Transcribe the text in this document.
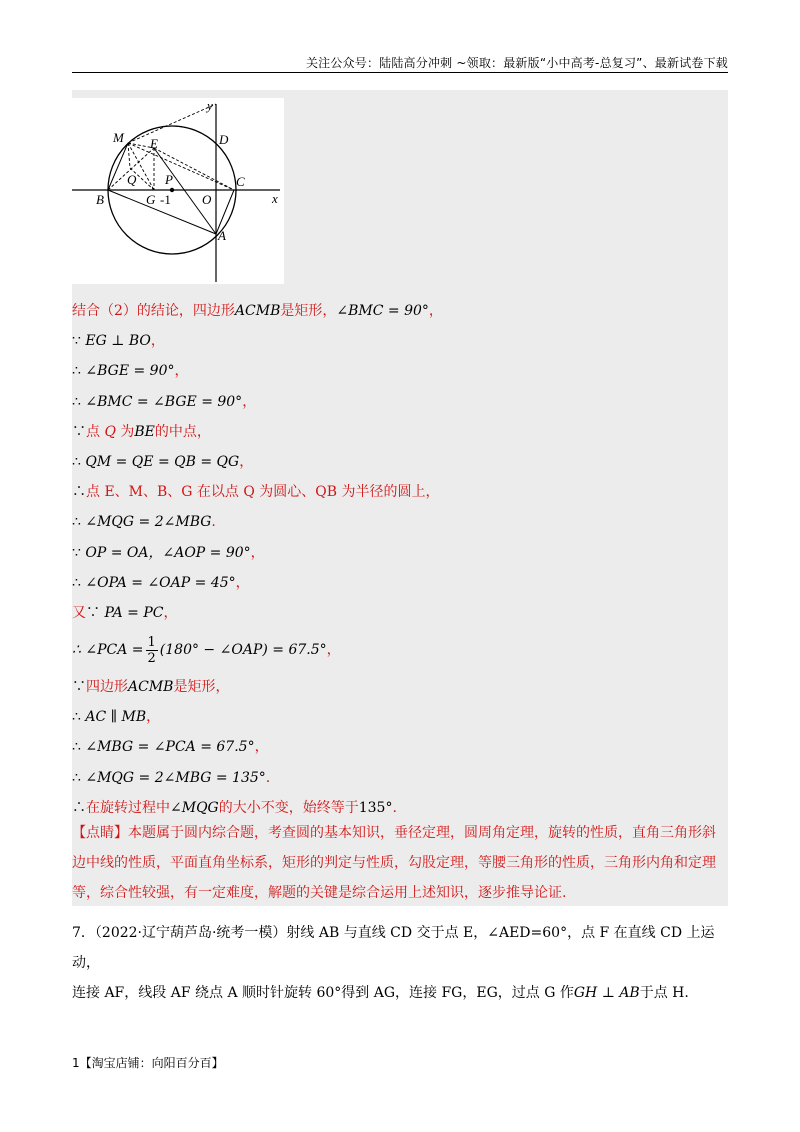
关注公众号：陆陆高分冲刺 ~领取：最新版“小中高考-总复习”、最新试卷下载
y
x
M E	D
Q P	C
B	G -1 O
A
结合（2）的结论，四边形ACMB是矩形，∠BMC = 90°，
∵ EG ⊥ BO，
∴ ∠BGE = 90°，
∴ ∠BMC = ∠BGE = 90°，
∵点 Q 为BE的中点，
∴ QM = QE = QB = QG，
∴点 E、M、B、G 在以点 Q 为圆心、QB 为半径的圆上，
∴ ∠MQG = 2∠MBG.
∵ OP = OA，∠AOP = 90°，
∴ ∠OPA = ∠OAP = 45°，
又∵ PA = PC，
∴ ∠PCA = $\frac{1}{2} (180^\circ$ − ∠OAP) = 67.5°，
∵四边形ACMB是矩形，
∴ AC ∥ MB，
∴ ∠MBG = ∠PCA = 67.5°，
∴ ∠MQG = 2∠MBG = 135°.
∴在旋转过程中∠MQG的大小不变，始终等于135°.
【点睛】本题属于圆内综合题，考查圆的基本知识，垂径定理，圆周角定理，旋转的性质，直角三角形斜边中线的性质，平面直角坐标系，矩形的判定与性质，勾股定理，等腰三角形的性质，三角形内角和定理等，综合性较强，有一定难度，解题的关键是综合运用上述知识，逐步推导论证.
7．（2022·辽宁葫芦岛·统考一模）射线 AB 与直线 CD 交于点 E，∠AED=60°，点 F 在直线 CD 上运动，
连接 AF，线段 AF 绕点 A 顺时针旋转 60°得到 AG，连接 FG，EG，过点 G 作GH ⊥ AB于点 H.
1【淘宝店铺：向阳百分百】
